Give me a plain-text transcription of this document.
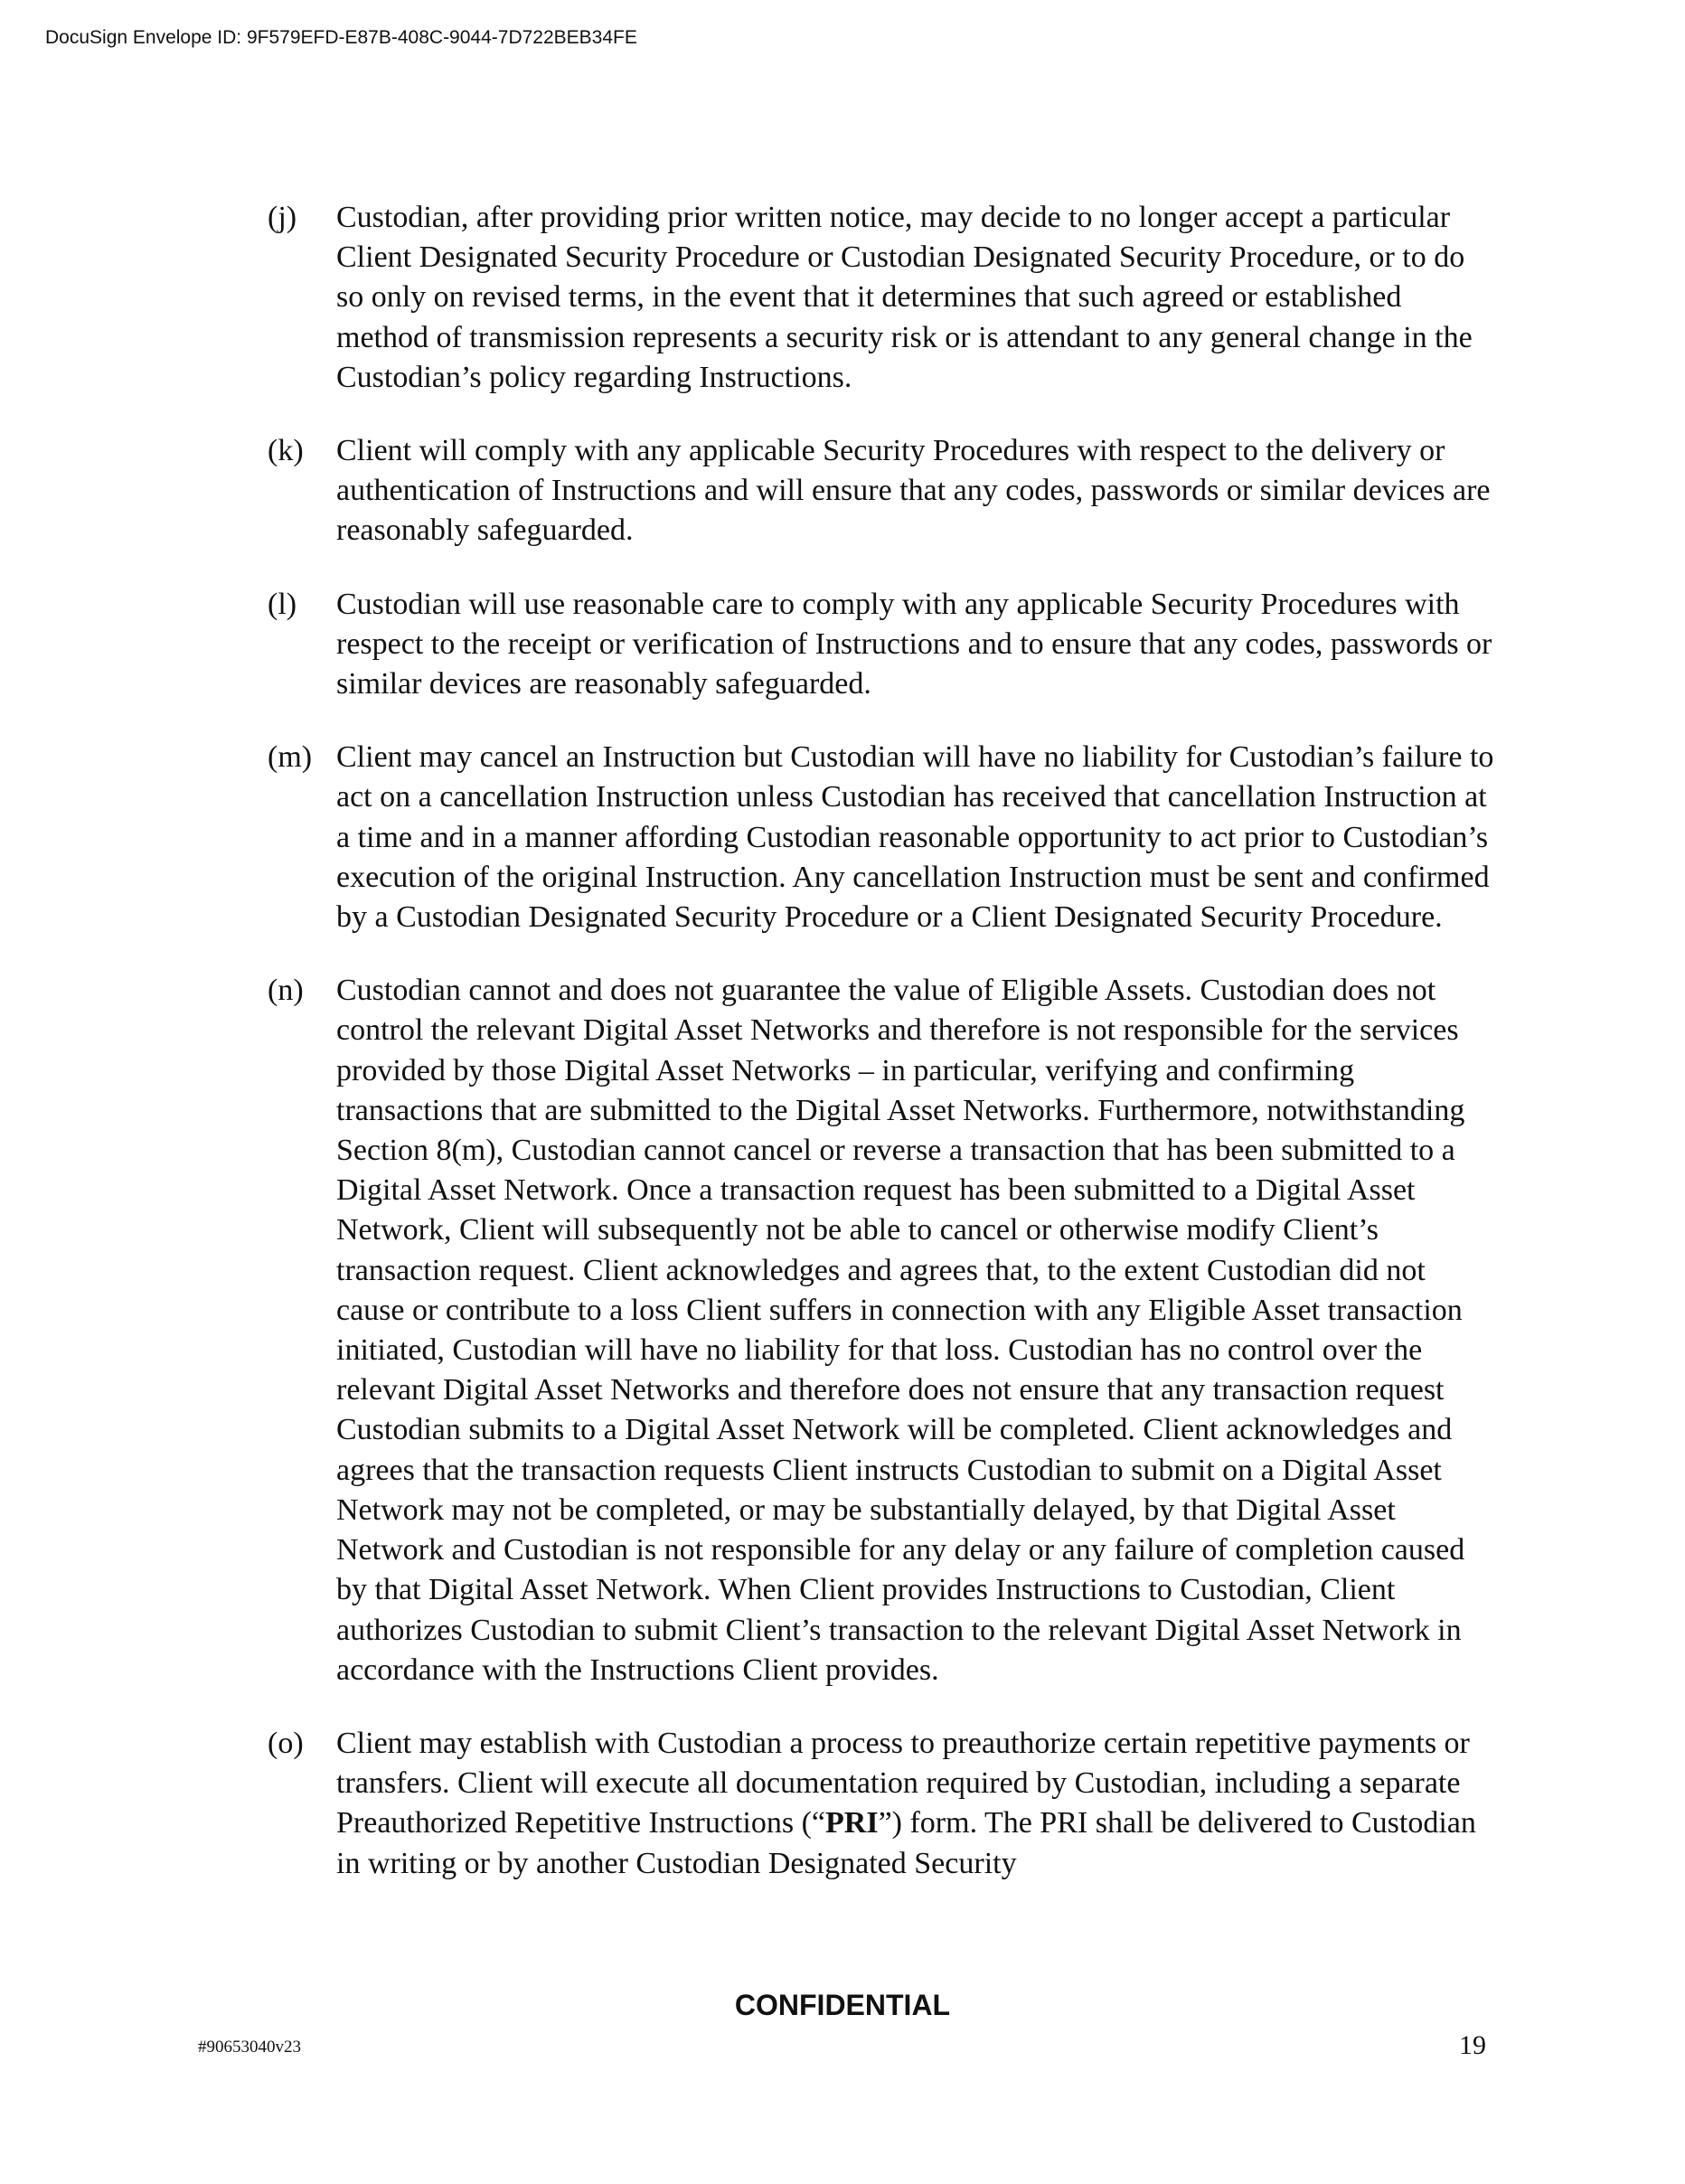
DocuSign Envelope ID: 9F579EFD-E87B-408C-9044-7D722BEB34FE
(j)	Custodian, after providing prior written notice, may decide to no longer accept a particular Client Designated Security Procedure or Custodian Designated Security Procedure, or to do so only on revised terms, in the event that it determines that such agreed or established method of transmission represents a security risk or is attendant to any general change in the Custodian’s policy regarding Instructions.
(k)	Client will comply with any applicable Security Procedures with respect to the delivery or authentication of Instructions and will ensure that any codes, passwords or similar devices are reasonably safeguarded.
(l)	Custodian will use reasonable care to comply with any applicable Security Procedures with respect to the receipt or verification of Instructions and to ensure that any codes, passwords or similar devices are reasonably safeguarded.
(m) Client may cancel an Instruction but Custodian will have no liability for Custodian’s failure to act on a cancellation Instruction unless Custodian has received that cancellation Instruction at a time and in a manner affording Custodian reasonable opportunity to act prior to Custodian’s execution of the original Instruction. Any cancellation Instruction must be sent and confirmed by a Custodian Designated Security Procedure or a Client Designated Security Procedure.
(n)	Custodian cannot and does not guarantee the value of Eligible Assets. Custodian does not control the relevant Digital Asset Networks and therefore is not responsible for the services provided by those Digital Asset Networks – in particular, verifying and confirming transactions that are submitted to the Digital Asset Networks. Furthermore, notwithstanding Section 8(m), Custodian cannot cancel or reverse a transaction that has been submitted to a Digital Asset Network. Once a transaction request has been submitted to a Digital Asset Network, Client will subsequently not be able to cancel or otherwise modify Client’s transaction request. Client acknowledges and agrees that, to the extent Custodian did not cause or contribute to a loss Client suffers in connection with any Eligible Asset transaction initiated, Custodian will have no liability for that loss. Custodian has no control over the relevant Digital Asset Networks and therefore does not ensure that any transaction request Custodian submits to a Digital Asset Network will be completed. Client acknowledges and agrees that the transaction requests Client instructs Custodian to submit on a Digital Asset Network may not be completed, or may be substantially delayed, by that Digital Asset Network and Custodian is not responsible for any delay or any failure of completion caused by that Digital Asset Network. When Client provides Instructions to Custodian, Client authorizes Custodian to submit Client’s transaction to the relevant Digital Asset Network in accordance with the Instructions Client provides.
(o)	Client may establish with Custodian a process to preauthorize certain repetitive payments or transfers. Client will execute all documentation required by Custodian, including a separate Preauthorized Repetitive Instructions (“PRI”) form. The PRI shall be delivered to Custodian in writing or by another Custodian Designated Security
CONFIDENTIAL
#90653040v23	19
